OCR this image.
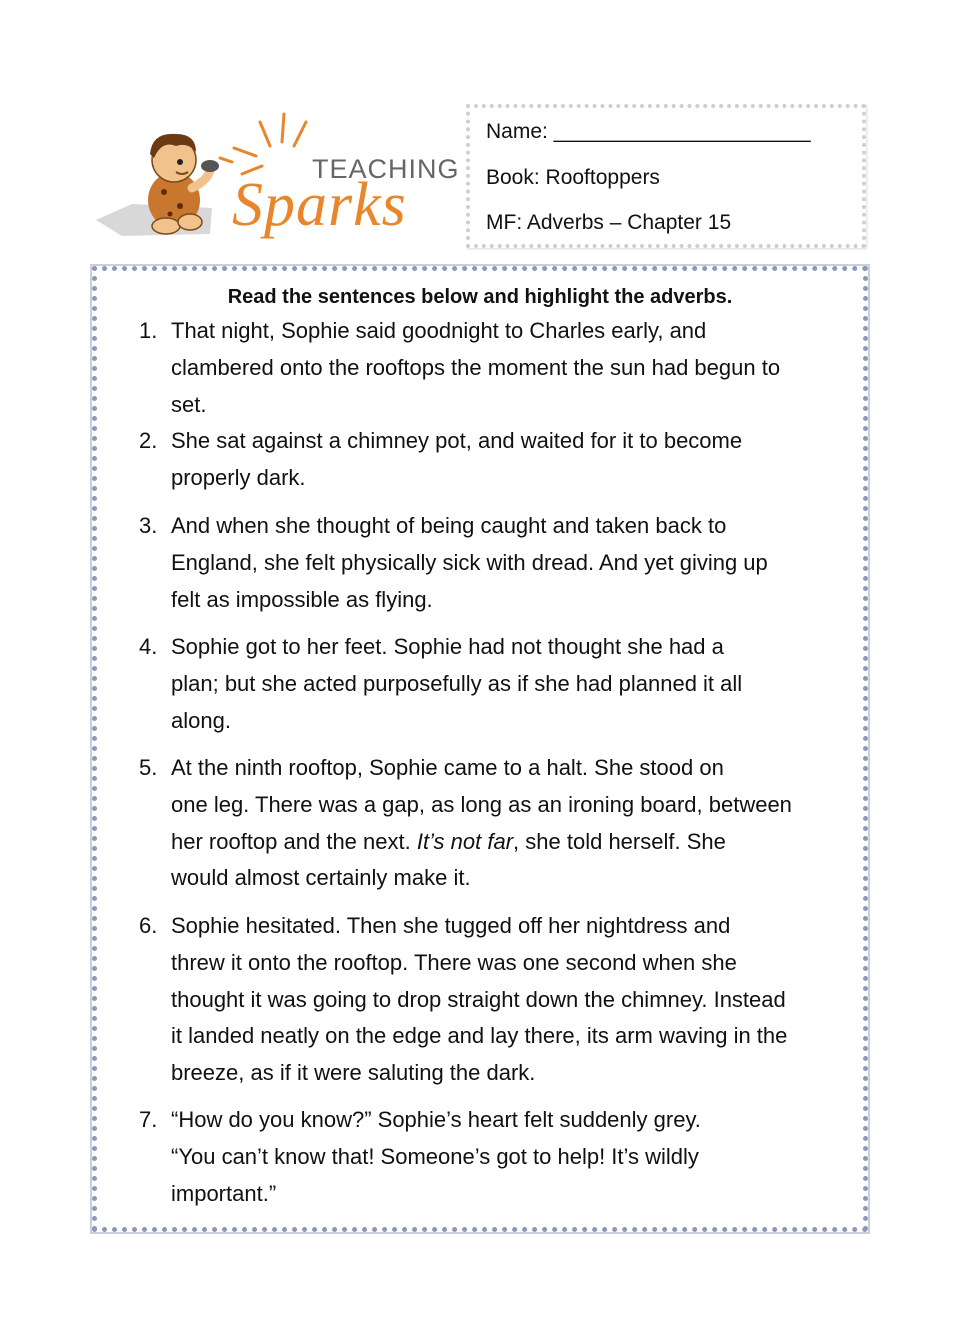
TEACHING
Sparks
Name: ______________________
Book: Rooftoppers
MF: Adverbs – Chapter 15
Read the sentences below and highlight the adverbs.
1. That night, Sophie said goodnight to Charles early, and
clambered onto the rooftops the moment the sun had begun to
set.
2. She sat against a chimney pot, and waited for it to become
properly dark.
3. And when she thought of being caught and taken back to
England, she felt physically sick with dread. And yet giving up
felt as impossible as flying.
4. Sophie got to her feet. Sophie had not thought she had a
plan; but she acted purposefully as if she had planned it all
along.
5. At the ninth rooftop, Sophie came to a halt. She stood on
one leg. There was a gap, as long as an ironing board, between
her rooftop and the next. It’s not far, she told herself. She
would almost certainly make it.
6. Sophie hesitated. Then she tugged off her nightdress and
threw it onto the rooftop. There was one second when she
thought it was going to drop straight down the chimney. Instead
it landed neatly on the edge and lay there, its arm waving in the
breeze, as if it were saluting the dark.
7. “How do you know?” Sophie’s heart felt suddenly grey.
“You can’t know that! Someone’s got to help! It’s wildly
important.”
